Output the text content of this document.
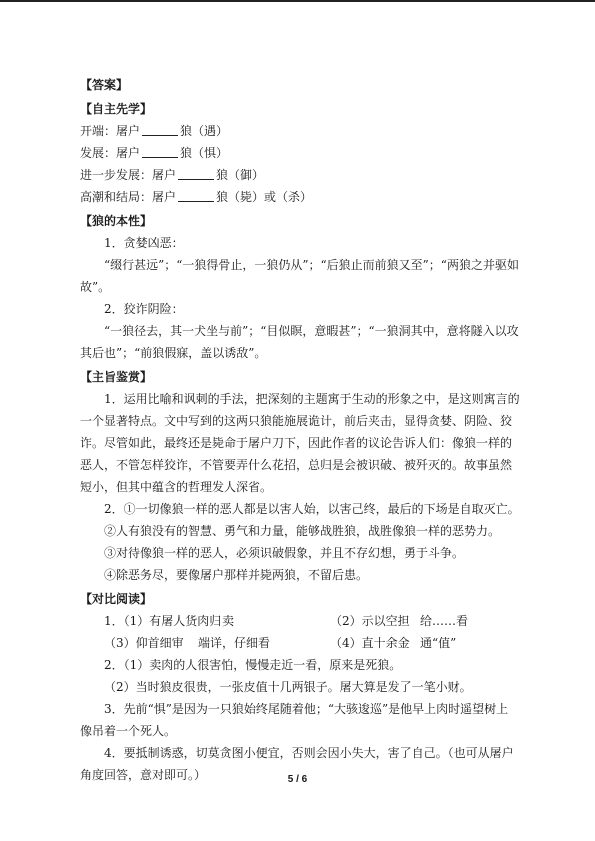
【答案】
【自主先学】
开端：屠户	狼（遇）
发展：屠户	狼（惧）
进一步发展：屠户	狼（御）
高潮和结局：屠户	狼（毙）或（杀）
【狼的本性】
1．贪婪凶恶：
“缀行甚远”；“一狼得骨止，一狼仍从”；“后狼止而前狼又至”；“两狼之并驱如故”。
2．狡诈阴险：
“一狼径去，其一犬坐与前”；“目似瞑，意暇甚”；“一狼洞其中，意将隧入以攻其后也”；“前狼假寐，盖以诱敌”。
【主旨鉴赏】
1．运用比喻和讽刺的手法，把深刻的主题寓于生动的形象之中，是这则寓言的一个显著特点。文中写到的这两只狼能施展诡计，前后夹击，显得贪婪、阴险、狡诈。尽管如此，最终还是毙命于屠户刀下，因此作者的议论告诉人们：像狼一样的恶人，不管怎样狡诈，不管要弄什么花招，总归是会被识破、被歼灭的。故事虽然短小，但其中蕴含的哲理发人深省。
2．①一切像狼一样的恶人都是以害人始，以害己终，最后的下场是自取灭亡。
②人有狼没有的智慧、勇气和力量，能够战胜狼，战胜像狼一样的恶势力。
③对待像狼一样的恶人，必须识破假象，并且不存幻想，勇于斗争。
④除恶务尽，要像屠户那样并毙两狼，不留后患。
【对比阅读】
1．（1）有屠人货肉归卖	（2）示以空担 给……看
（3）仰首细审 端详，仔细看	（4）直十余金 通“值”
2．（1）卖肉的人很害怕，慢慢走近一看，原来是死狼。
（2）当时狼皮很贵，一张皮值十几两银子。屠大算是发了一笔小财。
3．先前“惧”是因为一只狼始终尾随着他；“大骇逡巡”是他早上肉时遥望树上像吊着一个死人。
4．要抵制诱惑，切莫贪图小便宜，否则会因小失大，害了自己。（也可从屠户角度回答，意对即可。）	5 / 6
